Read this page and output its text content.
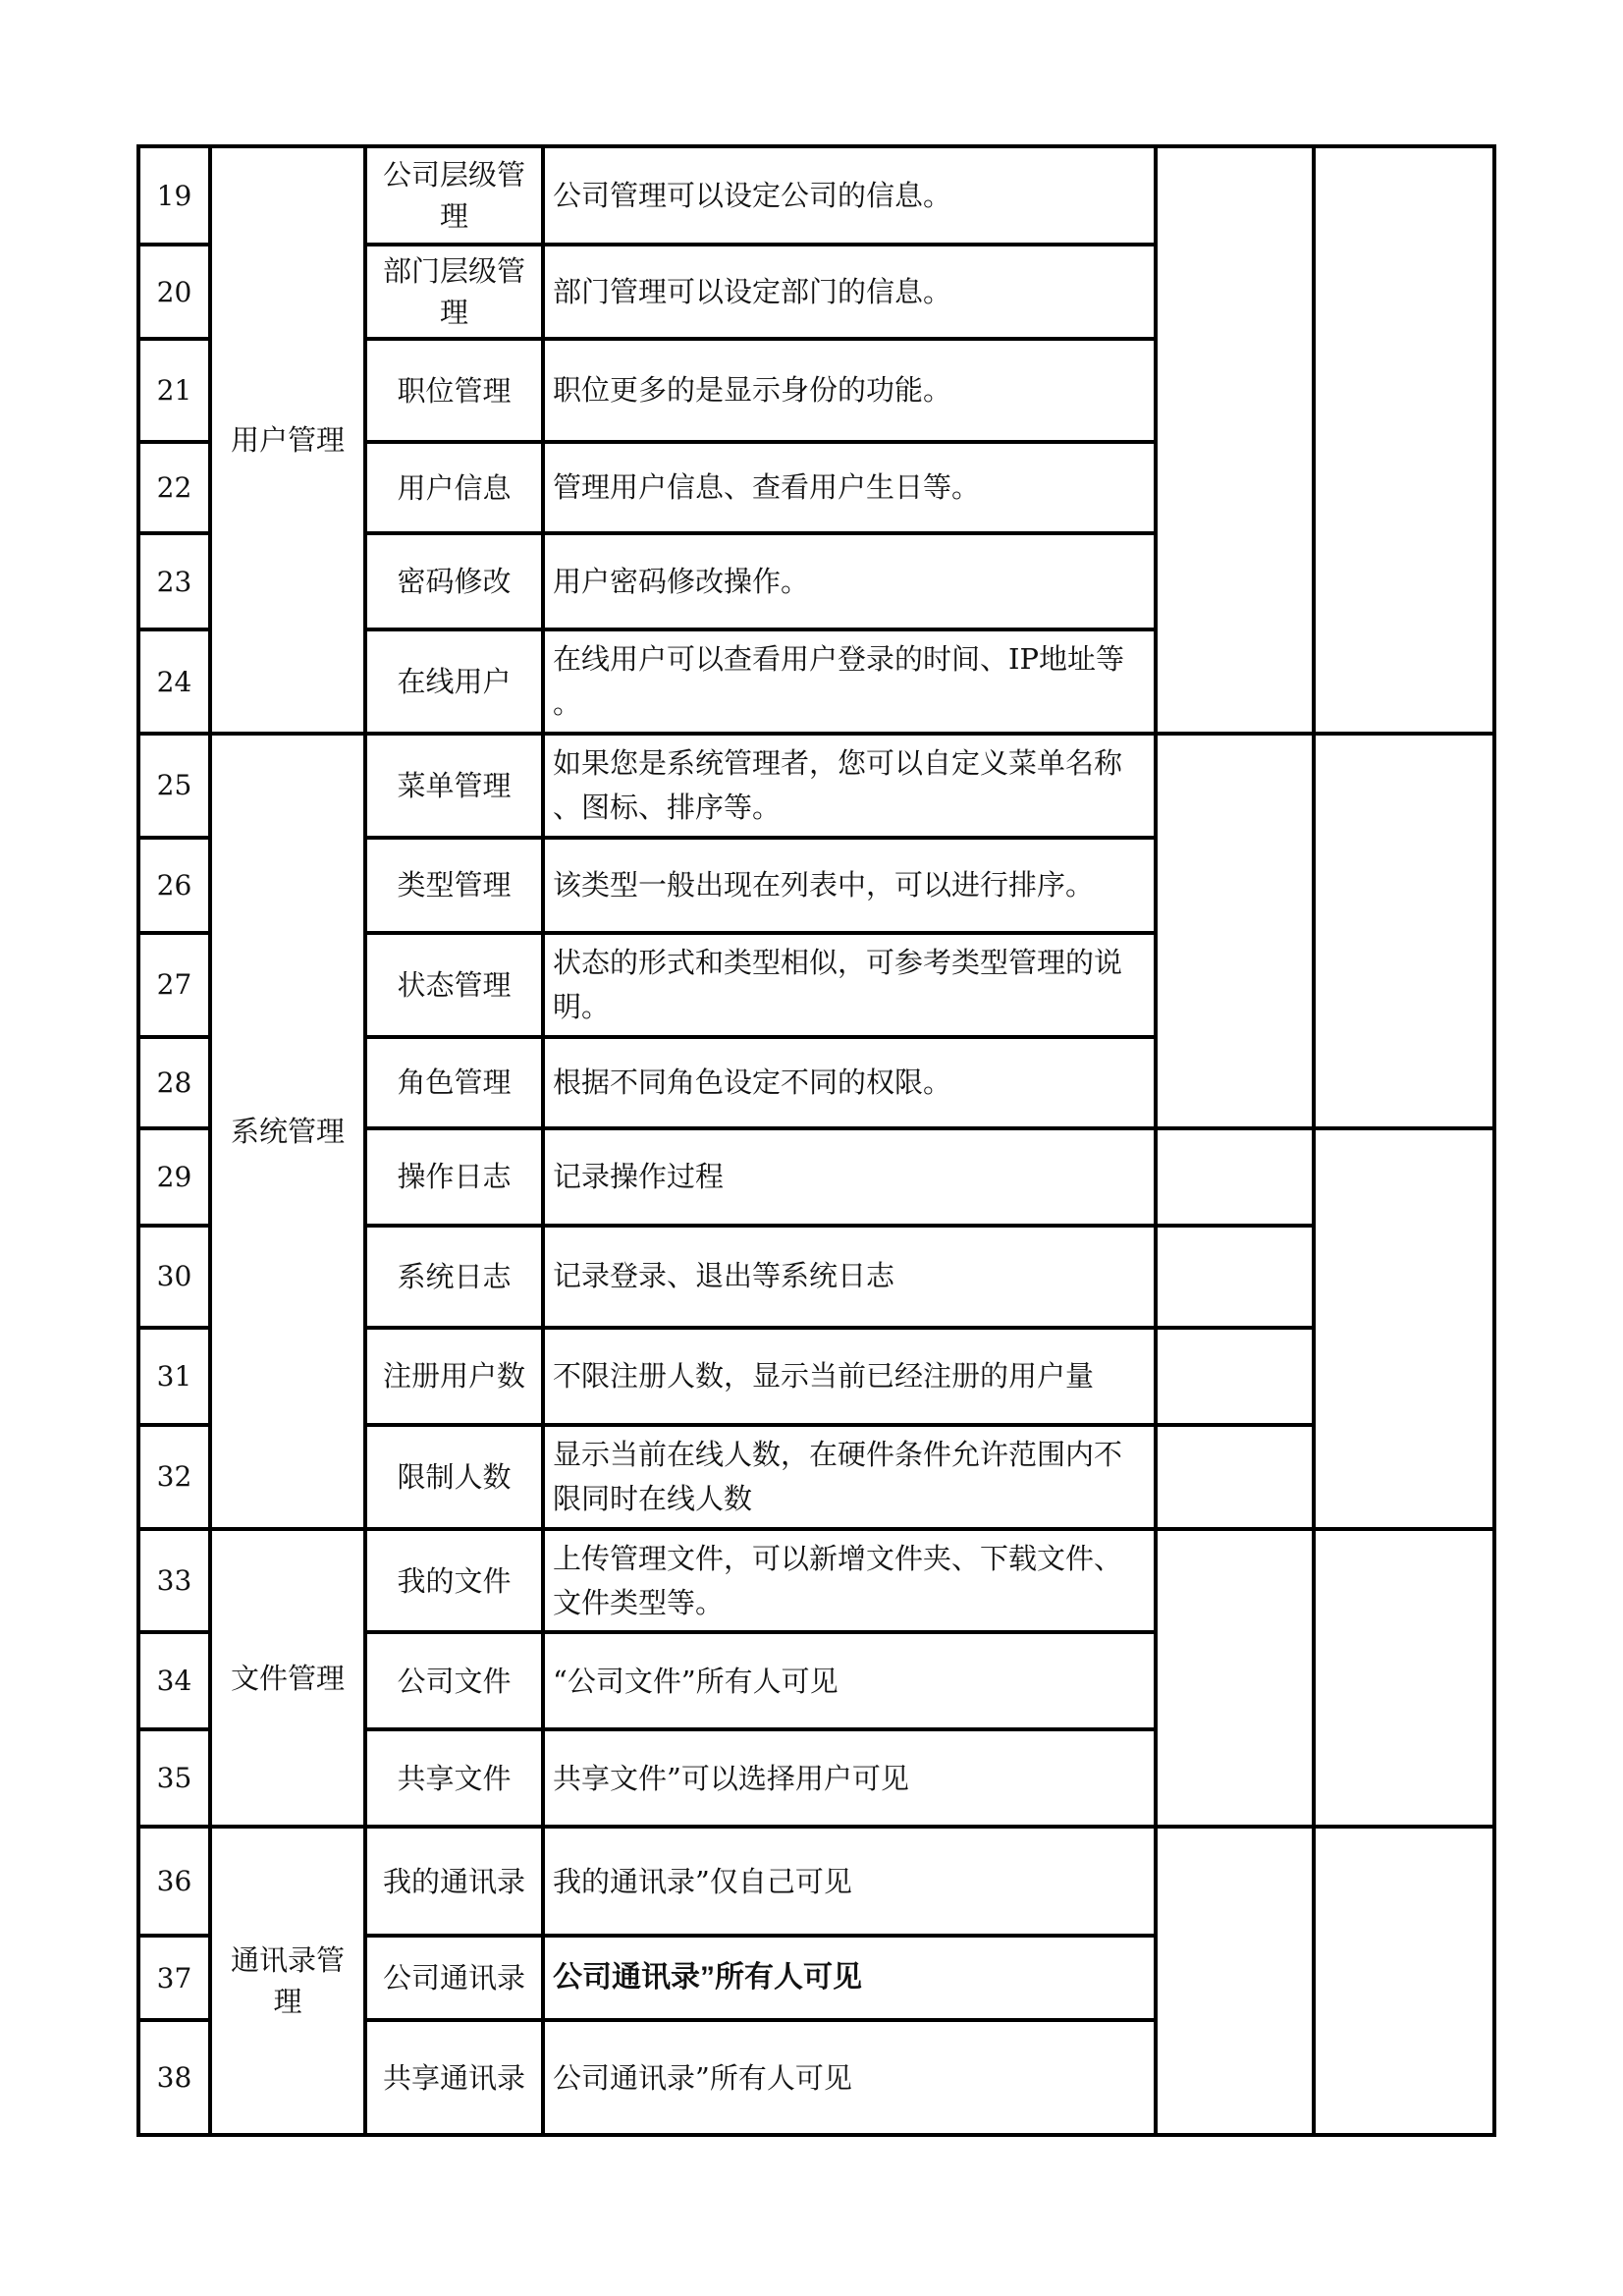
19	用户管理	公司层级管理	公司管理可以设定公司的信息。		
20		部门层级管理	部门管理可以设定部门的信息。		
21		职位管理	职位更多的是显示身份的功能。		
22		用户信息	管理用户信息、查看用户生日等。		
23		密码修改	用户密码修改操作。		
24		在线用户	在线用户可以查看用户登录的时间、IP地址等。		
25	系统管理	菜单管理	如果您是系统管理者，您可以自定义菜单名称、图标、排序等。		
26		类型管理	该类型一般出现在列表中，可以进行排序。		
27		状态管理	状态的形式和类型相似，可参考类型管理的说明。		
28		角色管理	根据不同角色设定不同的权限。		
29		操作日志	记录操作过程		
30		系统日志	记录登录、退出等系统日志		
31		注册用户数	不限注册人数，显示当前已经注册的用户量		
32		限制人数	显示当前在线人数，在硬件条件允许范围内不限同时在线人数		
33	文件管理	我的文件	上传管理文件，可以新增文件夹、下载文件、文件类型等。		
34		公司文件	“公司文件”所有人可见		
35		共享文件	共享文件”可以选择用户可见		
36	通讯录管理	我的通讯录	我的通讯录”仅自己可见		
37		公司通讯录	公司通讯录”所有人可见		
38		共享通讯录	公司通讯录”所有人可见		
